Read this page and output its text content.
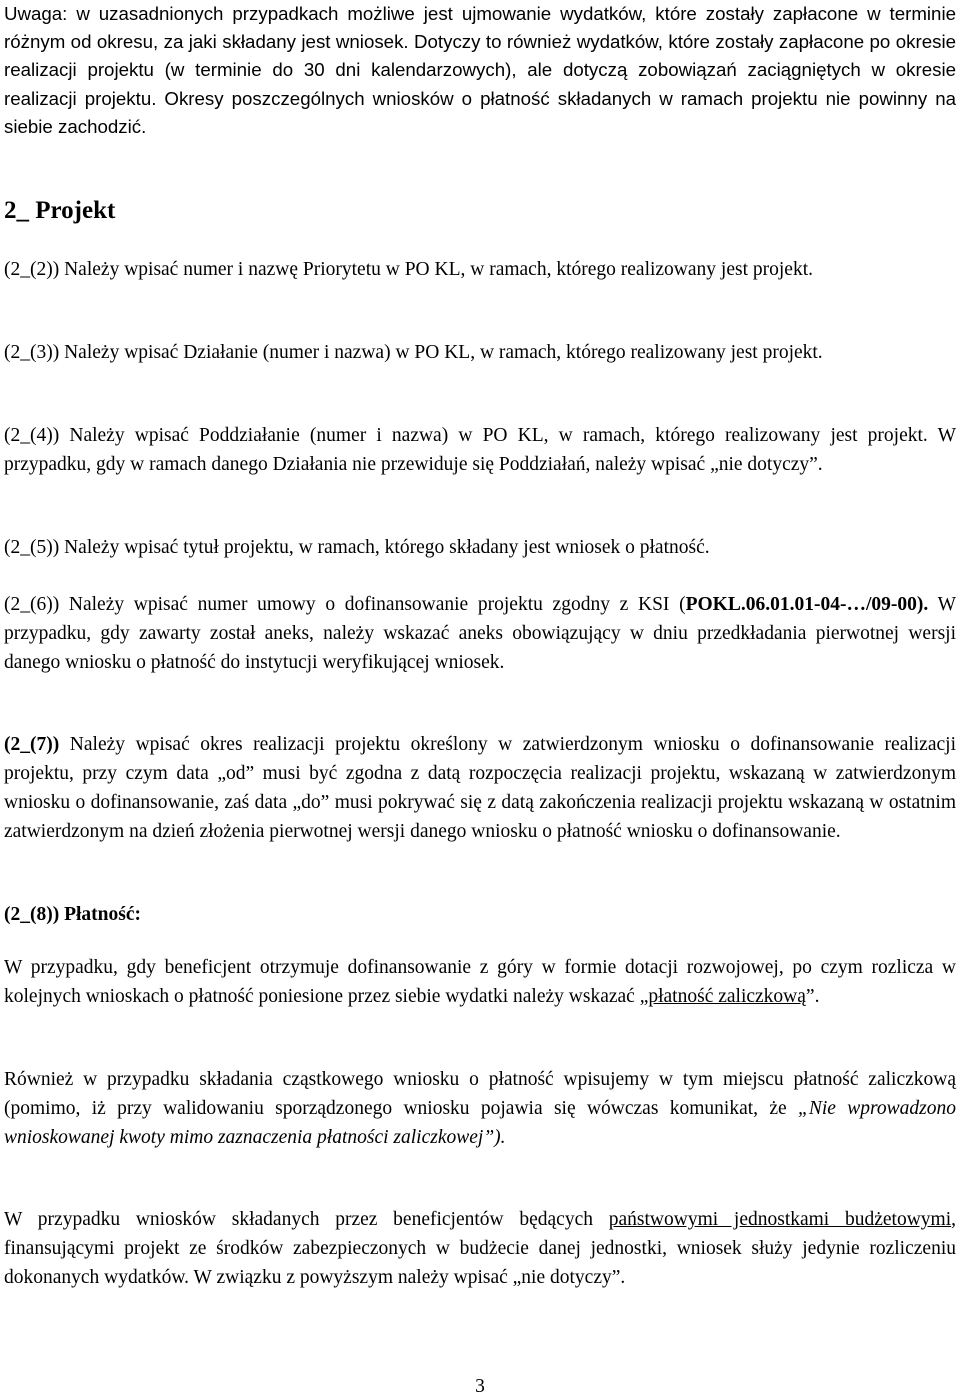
Uwaga: w uzasadnionych przypadkach możliwe jest ujmowanie wydatków, które zostały zapłacone w terminie różnym od okresu, za jaki składany jest wniosek. Dotyczy to również wydatków, które zostały zapłacone po okresie realizacji projektu (w terminie do 30 dni kalendarzowych), ale dotyczą zobowiązań zaciągniętych w okresie realizacji projektu. Okresy poszczególnych wniosków o płatność składanych w ramach projektu nie powinny na siebie zachodzić.

2_ Projekt

(2_(2)) Należy wpisać numer i nazwę Priorytetu w PO KL, w ramach, którego realizowany jest projekt.

(2_(3)) Należy wpisać Działanie (numer i nazwa) w PO KL, w ramach, którego realizowany jest projekt.

(2_(4)) Należy wpisać Poddziałanie (numer i nazwa) w PO KL, w ramach, którego realizowany jest projekt. W przypadku, gdy w ramach danego Działania nie przewiduje się Poddziałań, należy wpisać „nie dotyczy”.

(2_(5)) Należy wpisać tytuł projektu, w ramach, którego składany jest wniosek o płatność.

(2_(6)) Należy wpisać numer umowy o dofinansowanie projektu zgodny z KSI (POKL.06.01.01-04-…/09-00). W przypadku, gdy zawarty został aneks, należy wskazać aneks obowiązujący w dniu przedkładania pierwotnej wersji danego wniosku o płatność do instytucji weryfikującej wniosek.

(2_(7)) Należy wpisać okres realizacji projektu określony w zatwierdzonym wniosku o dofinansowanie realizacji projektu, przy czym data „od” musi być zgodna z datą rozpoczęcia realizacji projektu, wskazaną w zatwierdzonym wniosku o dofinansowanie, zaś data „do” musi pokrywać się z datą zakończenia realizacji projektu wskazaną w ostatnim zatwierdzonym na dzień złożenia pierwotnej wersji danego wniosku o płatność wniosku o dofinansowanie.

(2_(8)) Płatność:

W przypadku, gdy beneficjent otrzymuje dofinansowanie z góry w formie dotacji rozwojowej, po czym rozlicza w kolejnych wnioskach o płatność poniesione przez siebie wydatki należy wskazać „płatność zaliczkową”.

Również w przypadku składania cząstkowego wniosku o płatność wpisujemy w tym miejscu płatność zaliczkową (pomimo, iż przy walidowaniu sporządzonego wniosku pojawia się wówczas komunikat, że „Nie wprowadzono wnioskowanej kwoty mimo zaznaczenia płatności zaliczkowej”).

W przypadku wniosków składanych przez beneficjentów będących państwowymi jednostkami budżetowymi, finansującymi projekt ze środków zabezpieczonych w budżecie danej jednostki, wniosek służy jedynie rozliczeniu dokonanych wydatków. W związku z powyższym należy wpisać „nie dotyczy”.

3
